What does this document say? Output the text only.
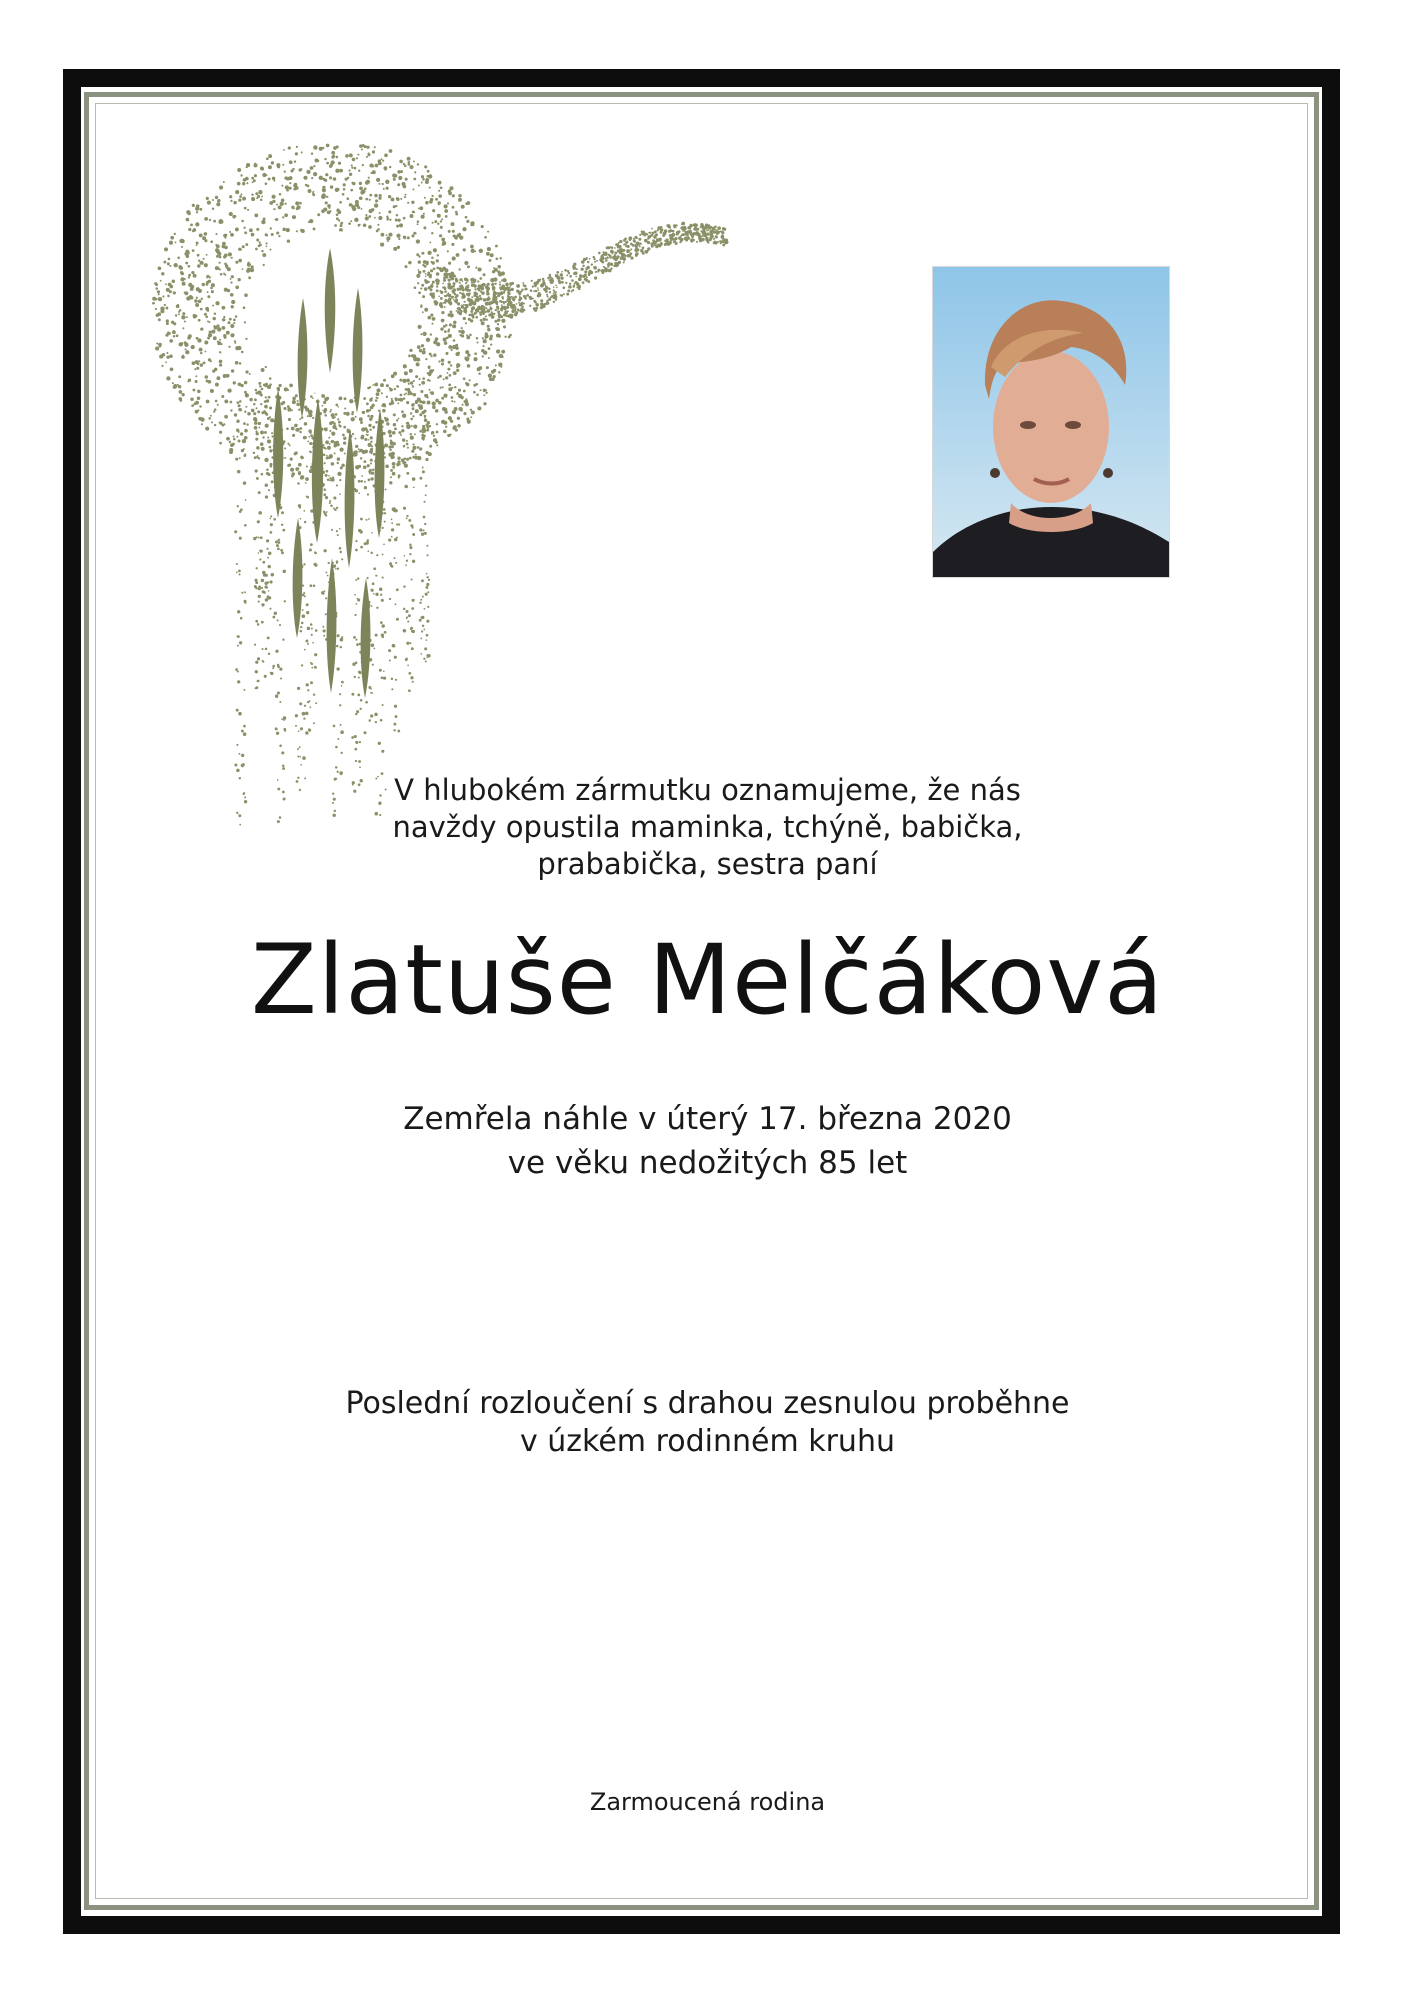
V hlubokém zármutku oznamujeme, že nás
navždy opustila maminka, tchýně, babička,
prababička, sestra paní

Zlatuše Melčáková

Zemřela náhle v úterý 17. března 2020
ve věku nedožitých 85 let

Poslední rozloučení s drahou zesnulou proběhne
v úzkém rodinném kruhu

Zarmoucená rodina
